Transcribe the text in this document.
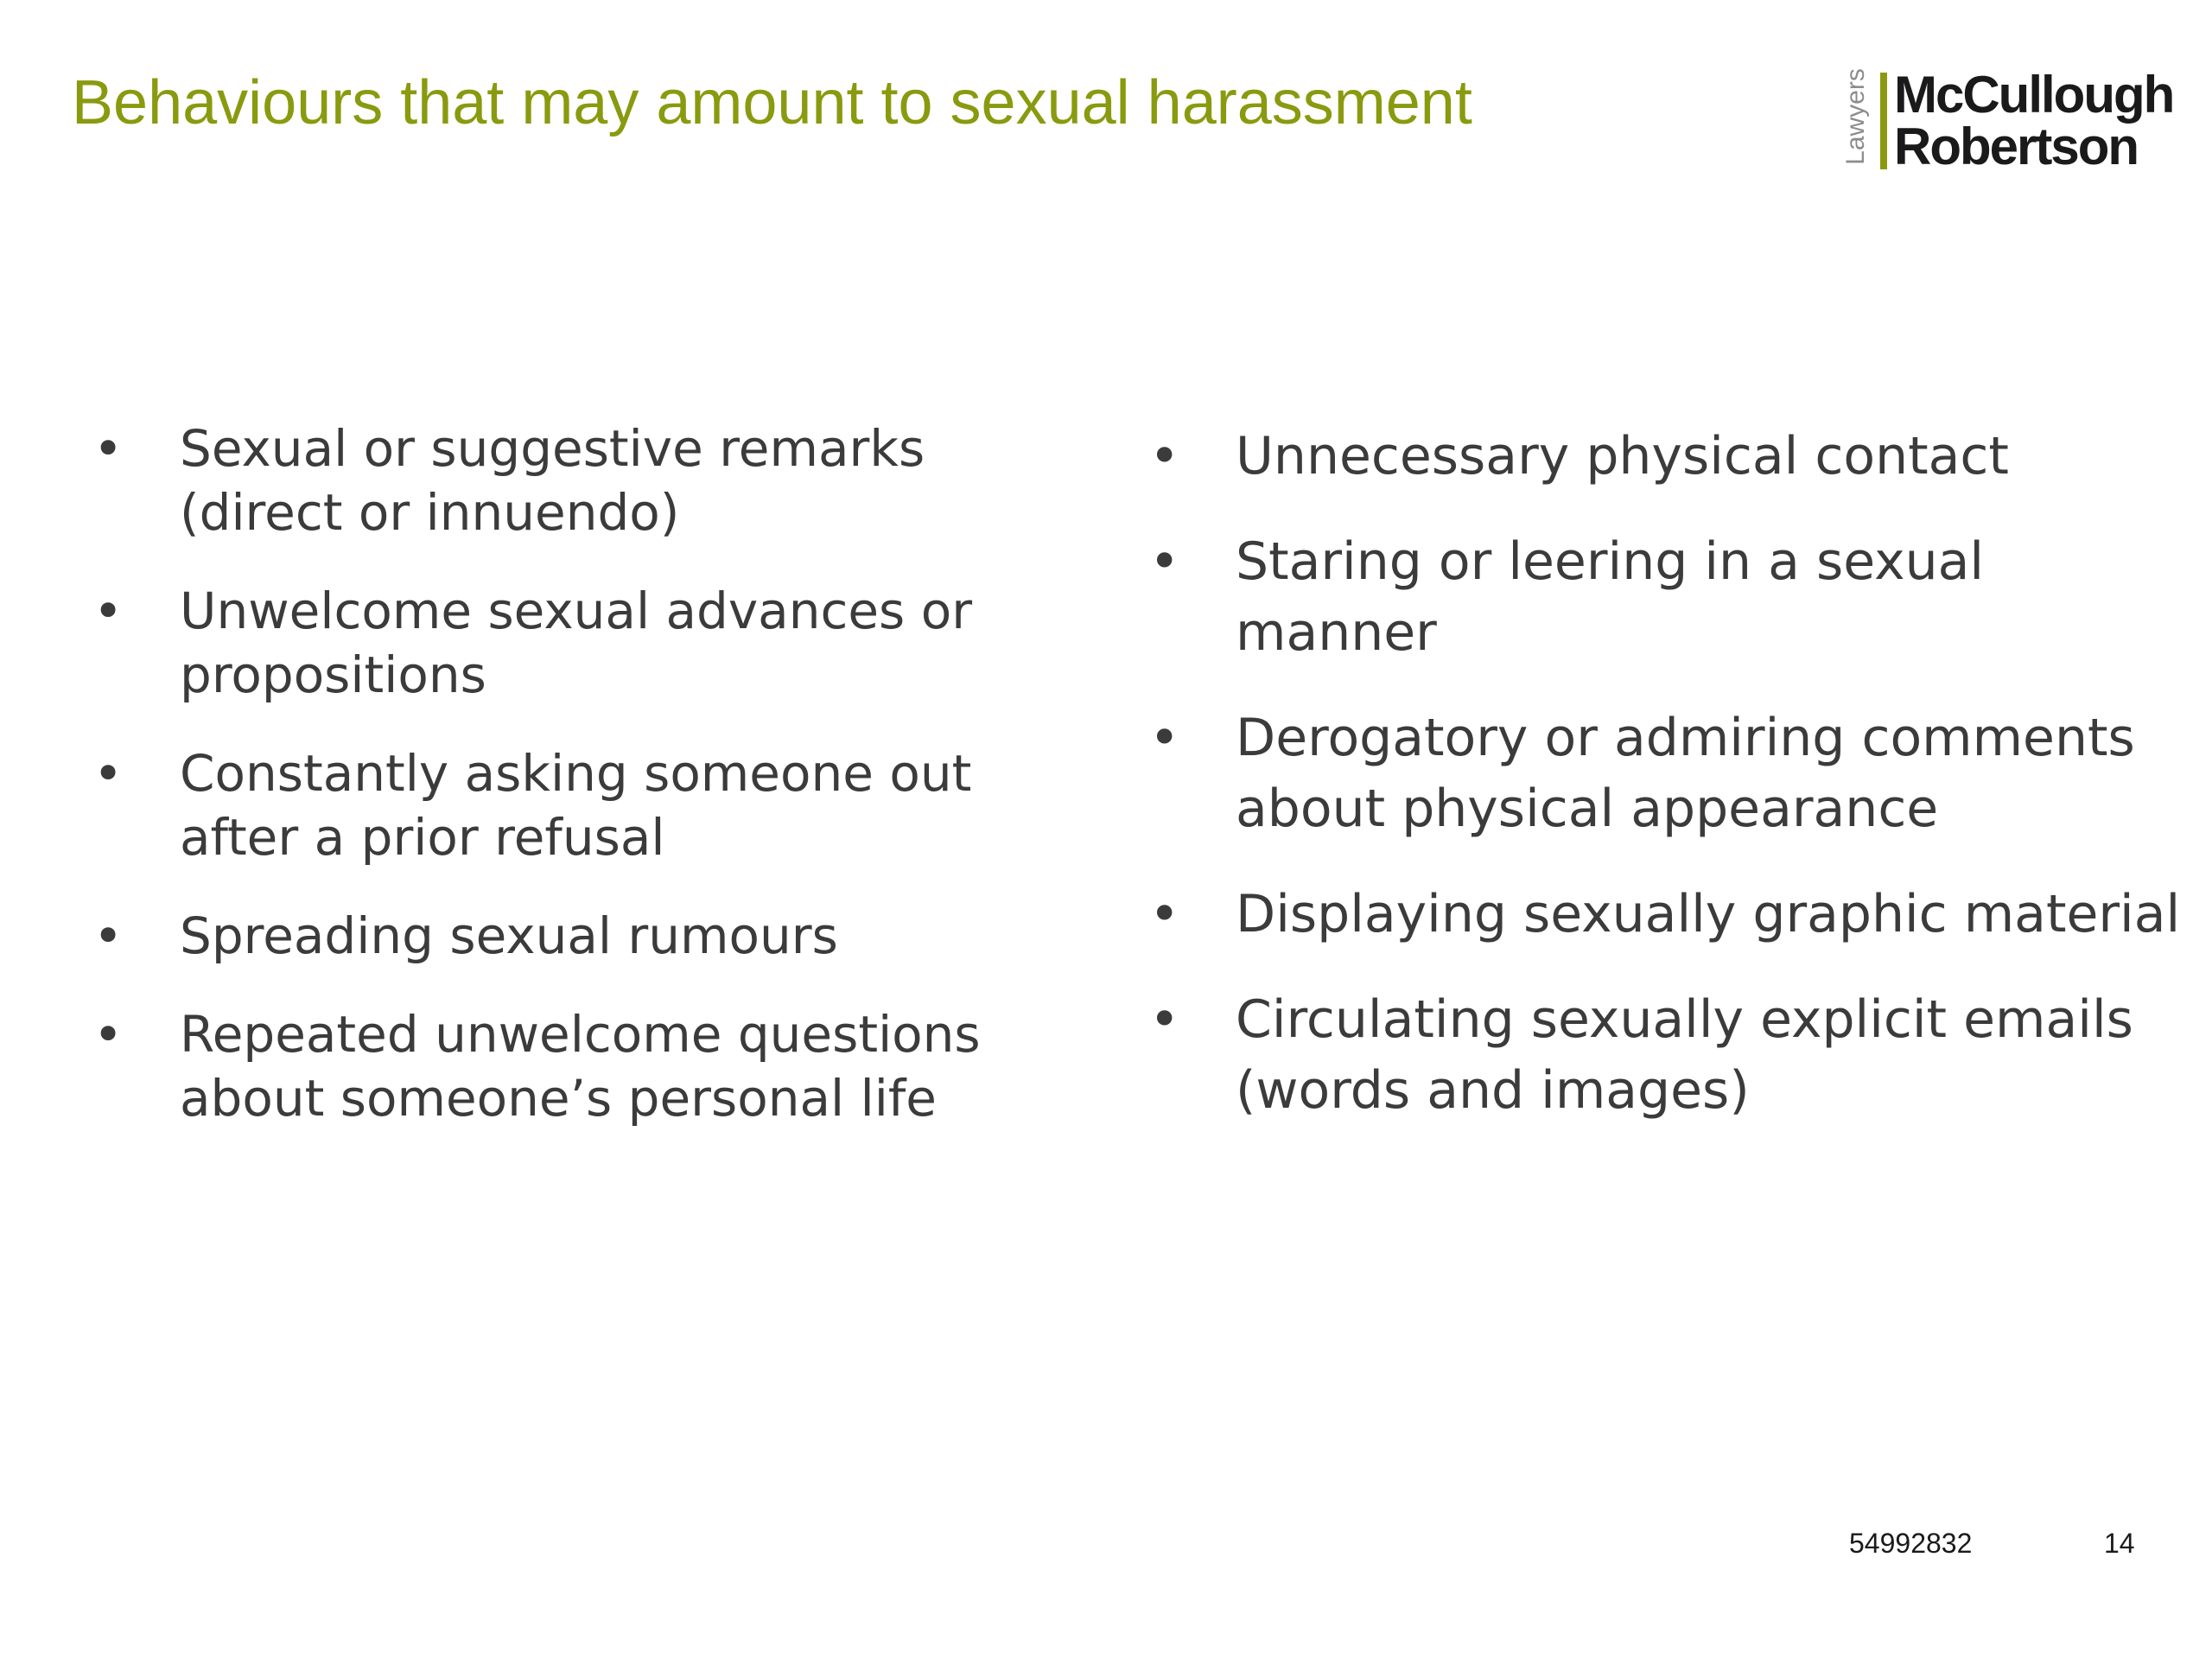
Behaviours that may amount to sexual harassment	Lawyers McCullough
Robertson
• Sexual or suggestive remarks (direct or innuendo)
• Unwelcome sexual advances or propositions
• Constantly asking someone out after a prior refusal
• Spreading sexual rumours
• Repeated unwelcome questions about someone’s personal life
• Unnecessary physical contact
• Staring or leering in a sexual manner
• Derogatory or admiring comments about physical appearance
• Displaying sexually graphic material
• Circulating sexually explicit emails (words and images)
54992832	14
